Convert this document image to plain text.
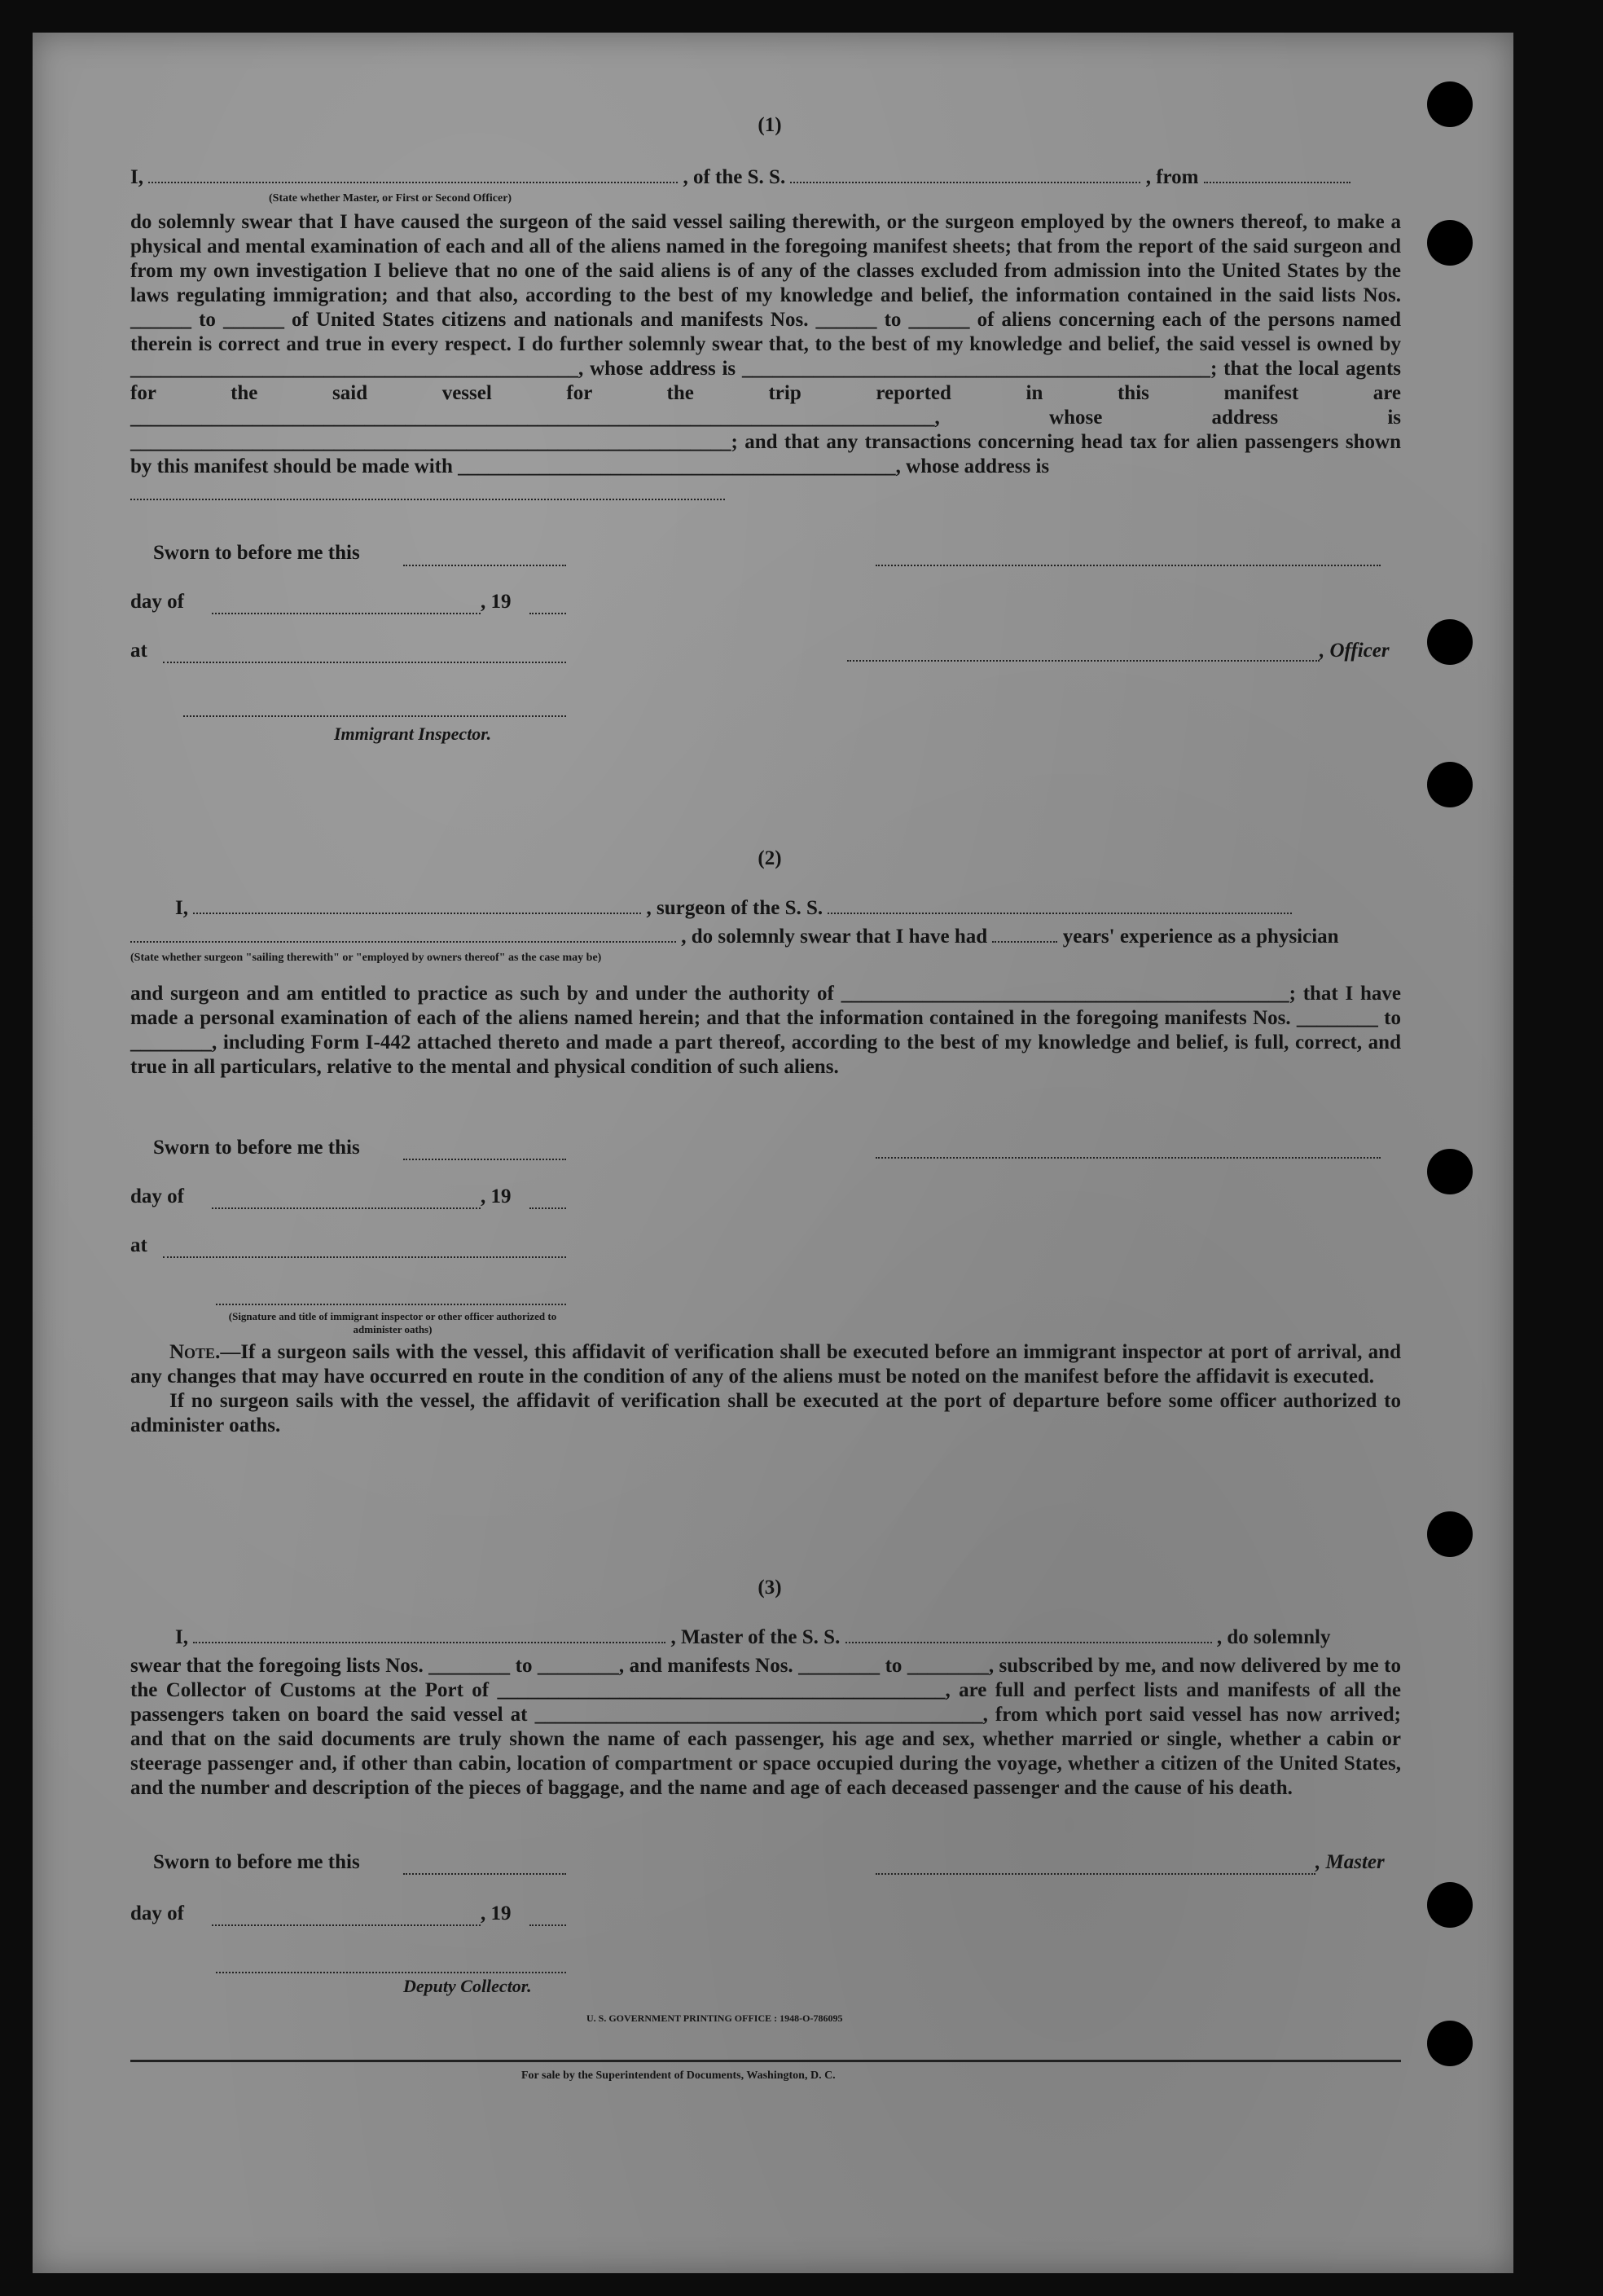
(1)
I,	, of the S. S.	, from
(State whether Master, or First or Second Officer)

do solemnly swear that I have caused the surgeon of the said vessel sailing therewith, or the surgeon employed by the owners thereof, to make a physical and mental examination of each and all of the aliens named in the foregoing manifest sheets; that from the report of the said surgeon and from my own investigation I believe that no one of the said aliens is of any of the classes excluded from admission into the United States by the laws regulating immigration; and that also, according to the best of my knowledge and belief, the information contained in the said lists Nos. ______ to ______ of United States citizens and nationals and manifests Nos. ______ to ______ of aliens concerning each of the persons named therein is correct and true in every respect. I do further solemnly swear that, to the best of my knowledge and belief, the said vessel is owned by ____________________________________________, whose address is ______________________________________________; that the local agents for the said vessel for the trip reported in this manifest are _______________________________________________________________________________, whose address is ___________________________________________________________; and that any transactions concerning head tax for alien passengers shown by this manifest should be made with ___________________________________________, whose address is

Sworn to before me this
day of	, 19
at	, Officer
Immigrant Inspector.
(2)
I,	, surgeon of the S. S.
, do solemnly swear that I have had	years' experience as a physician
(State whether surgeon "sailing therewith" or "employed by owners thereof" as the case may be)

and surgeon and am entitled to practice as such by and under the authority of ____________________________________________; that I have made a personal examination of each of the aliens named herein; and that the information contained in the foregoing manifests Nos. ________ to ________, including Form I-442 attached thereto and made a part thereof, according to the best of my knowledge and belief, is full, correct, and true in all particulars, relative to the mental and physical condition of such aliens.

Sworn to before me this
day of	, 19
at
(Signature and title of immigrant inspector or other officer authorized to administer oaths)

Note.—If a surgeon sails with the vessel, this affidavit of verification shall be executed before an immigrant inspector at port of arrival, and any changes that may have occurred en route in the condition of any of the aliens must be noted on the manifest before the affidavit is executed.

If no surgeon sails with the vessel, the affidavit of verification shall be executed at the port of departure before some officer authorized to administer oaths.

(3)
I,	, Master of the S. S.	, do solemnly

swear that the foregoing lists Nos. ________ to ________, and manifests Nos. ________ to ________, subscribed by me, and now delivered by me to the Collector of Customs at the Port of ____________________________________________, are full and perfect lists and manifests of all the passengers taken on board the said vessel at ____________________________________________, from which port said vessel has now arrived; and that on the said documents are truly shown the name of each passenger, his age and sex, whether married or single, whether a cabin or steerage passenger and, if other than cabin, location of compartment or space occupied during the voyage, whether a citizen of the United States, and the number and description of the pieces of baggage, and the name and age of each deceased passenger and the cause of his death.

Sworn to before me this	, Master
day of	, 19
Deputy Collector.
U. S. GOVERNMENT PRINTING OFFICE : 1948-O-786095
For sale by the Superintendent of Documents, Washington, D. C.
